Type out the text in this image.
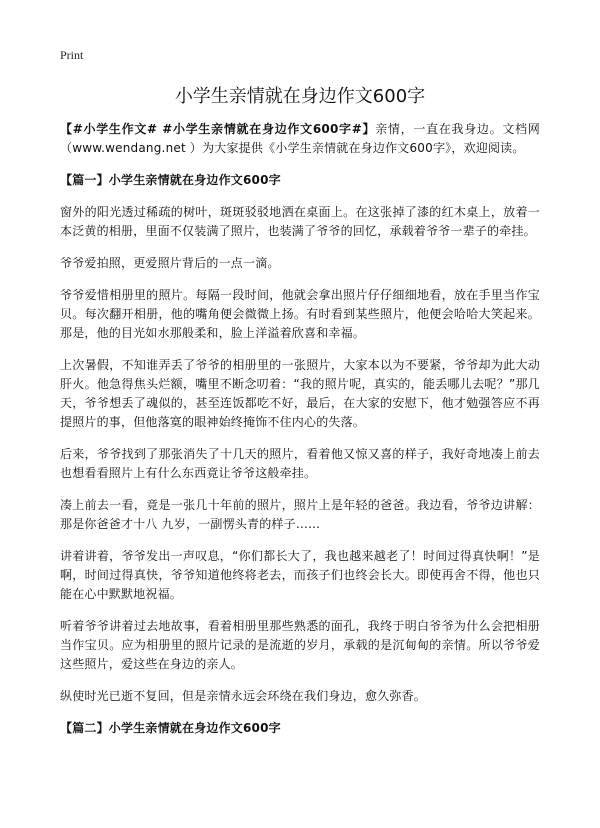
Print
小学生亲情就在身边作文600字

【#小学生作文# #小学生亲情就在身边作文600字#】亲情，一直在我身边。文档网（www.wendang.net ）为大家提供《小学生亲情就在身边作文600字》，欢迎阅读。

【篇一】小学生亲情就在身边作文600字

窗外的阳光透过稀疏的树叶，斑斑驳驳地洒在桌面上。在这张掉了漆的红木桌上，放着一本泛黄的相册，里面不仅装满了照片，也装满了爷爷的回忆，承载着爷爷一辈子的牵挂。

爷爷爱拍照，更爱照片背后的一点一滴。

爷爷爱惜相册里的照片。每隔一段时间，他就会拿出照片仔仔细细地看，放在手里当作宝贝。每次翻开相册，他的嘴角便会微微上扬。有时看到某些照片，他便会哈哈大笑起来。那是，他的目光如水那般柔和，脸上洋溢着欣喜和幸福。

上次暑假，不知谁弄丢了爷爷的相册里的一张照片，大家本以为不要紧，爷爷却为此大动肝火。他急得焦头烂额，嘴里不断念叨着：“我的照片呢，真实的，能丢哪儿去呢？”那几天，爷爷想丢了魂似的，甚至连饭都吃不好，最后，在大家的安慰下，他才勉强答应不再提照片的事，但他落寞的眼神始终掩饰不住内心的失落。

后来，爷爷找到了那张消失了十几天的照片，看着他又惊又喜的样子，我好奇地凑上前去也想看看照片上有什么东西竟让爷爷这般牵挂。

凑上前去一看，竟是一张几十年前的照片，照片上是年轻的爸爸。我边看，爷爷边讲解：那是你爸爸才十八 九岁，一副愣头青的样子……

讲着讲着，爷爷发出一声叹息，“你们都长大了，我也越来越老了！时间过得真快啊！”是啊，时间过得真快，爷爷知道他终将老去，而孩子们也终会长大。即使再舍不得，他也只能在心中默默地祝福。

听着爷爷讲着过去地故事，看着相册里那些熟悉的面孔，我终于明白爷爷为什么会把相册当作宝贝。应为相册里的照片记录的是流逝的岁月，承载的是沉甸甸的亲情。所以爷爷爱这些照片，爱这些在身边的亲人。

纵使时光已逝不复回，但是亲情永远会环绕在我们身边，愈久弥香。

【篇二】小学生亲情就在身边作文600字
